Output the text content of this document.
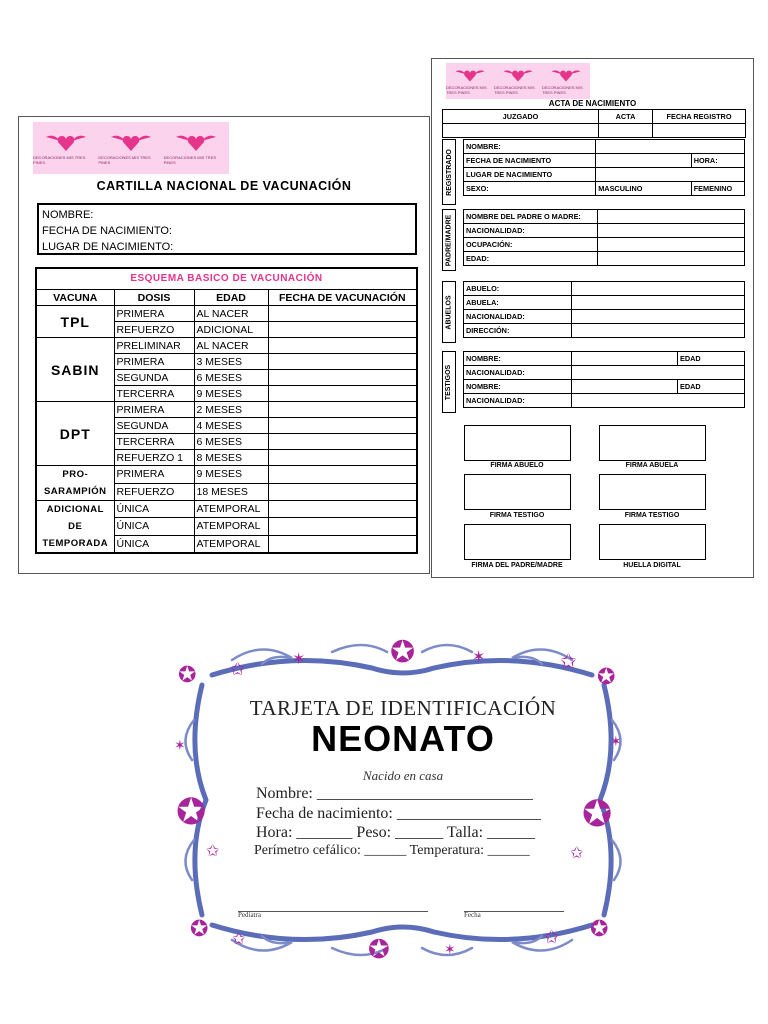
DECORACIONES MIS TRES PINES
DECORACIONES MIS TRES PINES
DECORACIONES MIS TRES PINES
CARTILLA NACIONAL DE VACUNACIÓN
NOMBRE:
FECHA DE NACIMIENTO:
LUGAR DE NACIMIENTO:
ESQUEMA BASICO DE VACUNACIÓN			
VACUNA	DOSIS	EDAD	FECHA DE VACUNACIÓN
TPL	PRIMERA	AL NACER	
	REFUERZO	ADICIONAL	
SABIN	PRELIMINAR	AL NACER	
	PRIMERA	3 MESES	
	SEGUNDA	6 MESES	
	TERCERRA	9 MESES	
DPT	PRIMERA	2 MESES	
	SEGUNDA	4 MESES	
	TERCERRA	6 MESES	
	REFUERZO 1	8 MESES	

PRO-
SARAMPIÓN	PRIMERA	9 MESES	
	REFUERZO	18 MESES	

ADICIONAL
DE
TEMPORADA	ÚNICA	ATEMPORAL	
	ÚNICA	ATEMPORAL	
	ÚNICA	ATEMPORAL	
DECORACIONES MIS TRES PINES
DECORACIONES MIS TRES PINES
DECORACIONES MIS TRES PINES
ACTA DE NACIMIENTO
JUZGADO	ACTA	FECHA REGISTRO

REGISTRADO
NOMBRE:		
FECHA DE NACIMIENTO		HORA:
LUGAR DE NACIMIENTO		
SEXO:	MASCULINO	FEMENINO
PADRE/MADRE NOMBRE DEL PADRE O MADRE:	
NACIONALIDAD:	
OCUPACIÓN:	
EDAD:	
ABUELOS
ABUELO:	
ABUELA:	
NACIONALIDAD:	
DIRECCIÓN:	
TESTIGOS
NOMBRE:		EDAD
NACIONALIDAD:		
NOMBRE:		EDAD
NACIONALIDAD:		
FIRMA ABUELO	FIRMA ABUELA
FIRMA TESTIGO	FIRMA TESTIGO
FIRMA DEL PADRE/MADRE	HUELLA DIGITAL
✪ ✩	✶	✪	✶	✩
✪
✶
✪
✩
✶
✪
✩
✪ ✩	✪	✶
✩ ✪
TARJETA DE IDENTIFICACIÓN
NEONATO
Nacido en casa
Nombre: ___________________________
Fecha de nacimiento: __________________
Hora: _______ Peso: ______ Talla: ______
Perímetro cefálico: ______ Temperatura: ______
Pediatra	Fecha
